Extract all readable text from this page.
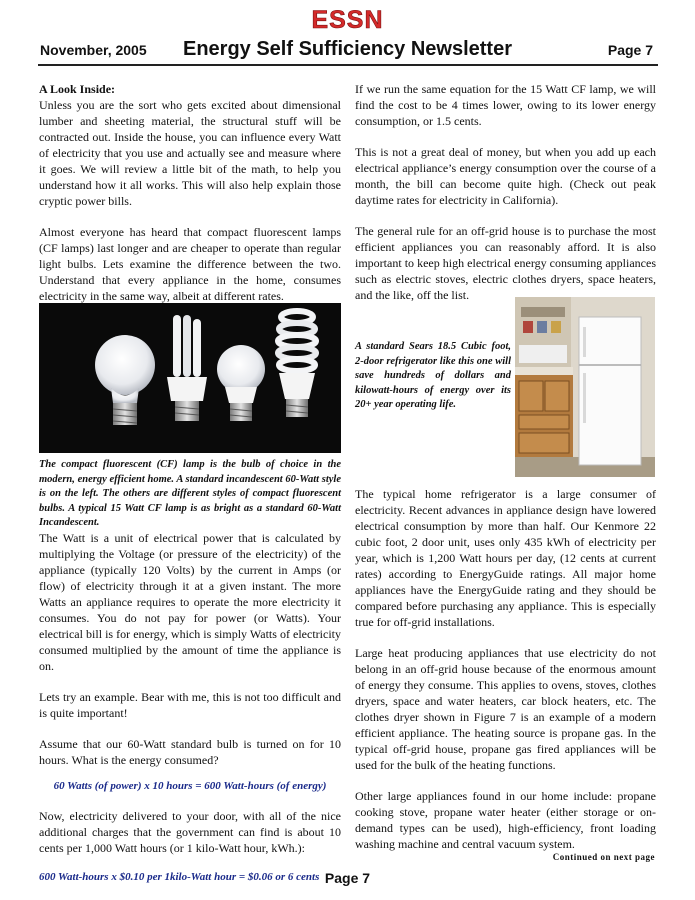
ESSN
November, 2005	Energy Self Sufficiency Newsletter	Page 7

A Look Inside:
Unless you are the sort who gets excited about dimensional lumber and sheeting material, the structural stuff will be contracted out. Inside the house, you can influence every Watt of electricity that you use and actually see and measure where it goes. We will review a little bit of the math, to help you understand how it all works. This will also help explain those cryptic power bills.

Almost everyone has heard that compact fluorescent lamps (CF lamps) last longer and are cheaper to operate than regular light bulbs. Lets examine the difference between the two. Understand that every appliance in the home, consumes electricity in the same way, albeit at different rates.

The compact fluorescent (CF) lamp is the bulb of choice in the modern, energy efficient home. A standard incandescent 60-Watt style is on the left. The others are different styles of compact fluorescent bulbs. A typical 15 Watt CF lamp is as bright as a standard 60-Watt Incandescent.

The Watt is a unit of electrical power that is calculated by multiplying the Voltage (or pressure of the electricity) of the appliance (typically 120 Volts) by the current in Amps (or flow) of electricity through it at a given instant. The more Watts an appliance requires to operate the more electricity it consumes. You do not pay for power (or Watts). Your electrical bill is for energy, which is simply Watts of electricity consumed multiplied by the amount of time the appliance is on.

Lets try an example. Bear with me, this is not too difficult and is quite important!

Assume that our 60-Watt standard bulb is turned on for 10 hours. What is the energy consumed?

60 Watts (of power) x 10 hours = 600 Watt-hours (of energy)

Now, electricity delivered to your door, with all of the nice additional charges that the government can find is about 10 cents per 1,000 Watt hours (or 1 kilo-Watt hour, kWh.):

600 Watt-hours x $0.10 per 1kilo-Watt hour = $0.06 or 6 cents

If we run the same equation for the 15 Watt CF lamp, we will find the cost to be 4 times lower, owing to its lower energy consumption, or 1.5 cents.

This is not a great deal of money, but when you add up each electrical appliance’s energy consumption over the course of a month, the bill can become quite high. (Check out peak daytime rates for electricity in California).

The general rule for an off-grid house is to purchase the most efficient appliances you can reasonably afford. It is also important to keep high electrical energy consuming appliances such as electric stoves, electric clothes dryers, space heaters, and the like, off the list.

A standard Sears 18.5 Cubic foot, 2-door refrigerator like this one will save hundreds of dollars and kilowatt-hours of energy over its 20+ year operating life.

The typical home refrigerator is a large consumer of electricity. Recent advances in appliance design have lowered electrical consumption by more than half. Our Kenmore 22 cubic foot, 2 door unit, uses only 435 kWh of electricity per year, which is 1,200 Watt hours per day, (12 cents at current rates) according to EnergyGuide ratings. All major home appliances have the EnergyGuide rating and they should be compared before purchasing any appliance. This is especially true for off-grid installations.

Large heat producing appliances that use electricity do not belong in an off-grid house because of the enormous amount of energy they consume. This applies to ovens, stoves, clothes dryers, space and water heaters, car block heaters, etc. The clothes dryer shown in Figure 7 is an example of a modern efficient appliance. The heating source is propane gas. In the typical off-grid house, propane gas fired appliances will be used for the bulk of the heating functions.

Other large appliances found in our home include: propane cooking stove, propane water heater (either storage or on-demand types can be used), high-efficiency, front loading washing machine and central vacuum system.

Continued on next page
Page 7
